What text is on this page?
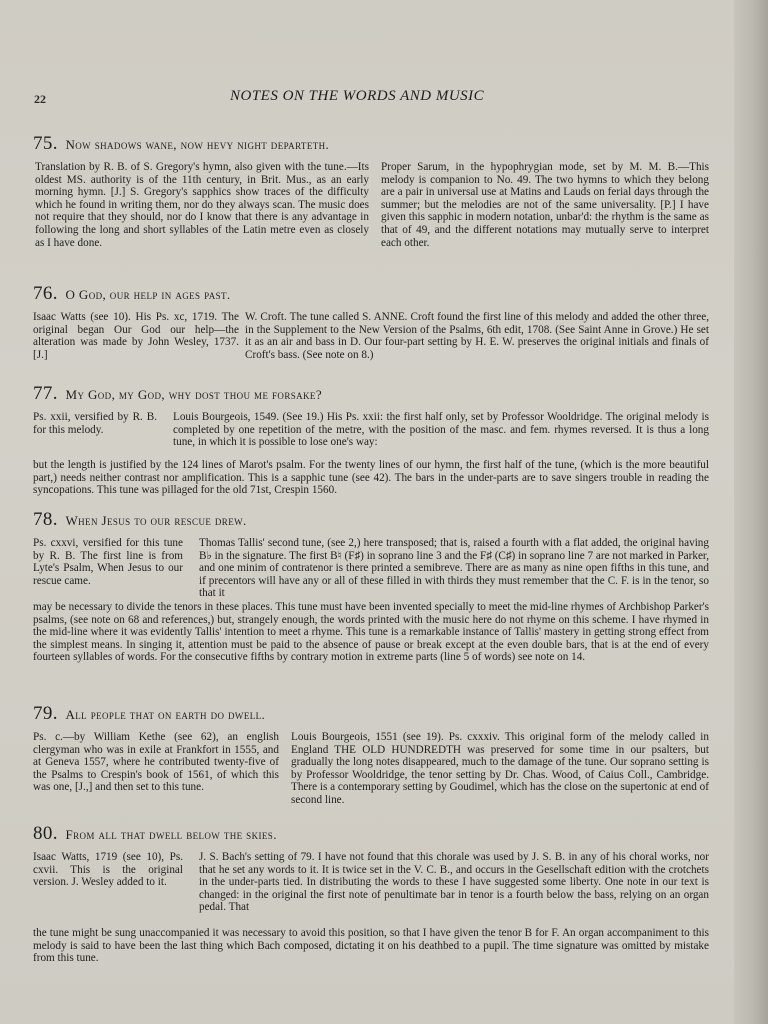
22	NOTES ON THE WORDS AND MUSIC
75. Now shadows wane, now hevy night departeth.
Translation by R. B. of S. Gregory's hymn, also given with the tune.—Its oldest MS. authority is of the 11th century, in Brit. Mus., as an early morning hymn. [J.] S. Gregory's sapphics show traces of the difficulty which he found in writing them, nor do they always scan. The music does not require that they should, nor do I know that there is any advantage in following the long and short syllables of the Latin metre even as closely as I have done.
Proper Sarum, in the hypophrygian mode, set by M. M. B.—This melody is companion to No. 49. The two hymns to which they belong are a pair in universal use at Matins and Lauds on ferial days through the summer; but the melodies are not of the same universality. [P.] I have given this sapphic in modern notation, unbar'd: the rhythm is the same as that of 49, and the different notations may mutually serve to interpret each other.
76. O God, our help in ages past.
Isaac Watts (see 10). His Ps. xc, 1719. The original began Our God our help—the alteration was made by John Wesley, 1737. [J.]
W. Croft. The tune called S. ANNE. Croft found the first line of this melody and added the other three, in the Supplement to the New Version of the Psalms, 6th edit, 1708. (See Saint Anne in Grove.) He set it as an air and bass in D. Our four-part setting by H. E. W. preserves the original initials and finals of Croft's bass. (See note on 8.)
77. My God, my God, why dost thou me forsake?
Ps. xxii, versified by R. B. for this melody.
Louis Bourgeois, 1549. (See 19.) His Ps. xxii: the first half only, set by Professor Wooldridge. The original melody is completed by one repetition of the metre, with the position of the masc. and fem. rhymes reversed. It is thus a long tune, in which it is possible to lose one's way:
but the length is justified by the 124 lines of Marot's psalm. For the twenty lines of our hymn, the first half of the tune, (which is the more beautiful part,) needs neither contrast nor amplification. This is a sapphic tune (see 42). The bars in the under-parts are to save singers trouble in reading the syncopations. This tune was pillaged for the old 71st, Crespin 1560.
78. When Jesus to our rescue drew.
Ps. cxxvi, versified for this tune by R. B. The first line is from Lyte's Psalm, When Jesus to our rescue came.
Thomas Tallis' second tune, (see 2,) here transposed; that is, raised a fourth with a flat added, the original having B♭ in the signature. The first B♮ (F♯) in soprano line 3 and the F♯ (C♯) in soprano line 7 are not marked in Parker, and one minim of contratenor is there printed a semibreve. There are as many as nine open fifths in this tune, and if precentors will have any or all of these filled in with thirds they must remember that the C. F. is in the tenor, so that it
may be necessary to divide the tenors in these places. This tune must have been invented specially to meet the mid-line rhymes of Archbishop Parker's psalms, (see note on 68 and references,) but, strangely enough, the words printed with the music here do not rhyme on this scheme. I have rhymed in the mid-line where it was evidently Tallis' intention to meet a rhyme. This tune is a remarkable instance of Tallis' mastery in getting strong effect from the simplest means. In singing it, attention must be paid to the absence of pause or break except at the even double bars, that is at the end of every fourteen syllables of words. For the consecutive fifths by contrary motion in extreme parts (line 5 of words) see note on 14.
79. All people that on earth do dwell.
Ps. c.—by William Kethe (see 62), an english clergyman who was in exile at Frankfort in 1555, and at Geneva 1557, where he contributed twenty-five of the Psalms to Crespin's book of 1561, of which this was one, [J.,] and then set to this tune.
Louis Bourgeois, 1551 (see 19). Ps. cxxxiv. This original form of the melody called in England THE OLD HUNDREDTH was preserved for some time in our psalters, but gradually the long notes disappeared, much to the damage of the tune. Our soprano setting is by Professor Wooldridge, the tenor setting by Dr. Chas. Wood, of Caius Coll., Cambridge. There is a contemporary setting by Goudimel, which has the close on the supertonic at end of second line.
80. From all that dwell below the skies.
Isaac Watts, 1719 (see 10), Ps. cxvii. This is the original version. J. Wesley added to it.
J. S. Bach's setting of 79. I have not found that this chorale was used by J. S. B. in any of his choral works, nor that he set any words to it. It is twice set in the V. C. B., and occurs in the Gesellschaft edition with the crotchets in the under-parts tied. In distributing the words to these I have suggested some liberty. One note in our text is changed: in the original the first note of penultimate bar in tenor is a fourth below the bass, relying on an organ pedal. That
the tune might be sung unaccompanied it was necessary to avoid this position, so that I have given the tenor B for F. An organ accompaniment to this melody is said to have been the last thing which Bach composed, dictating it on his deathbed to a pupil. The time signature was omitted by mistake from this tune.
